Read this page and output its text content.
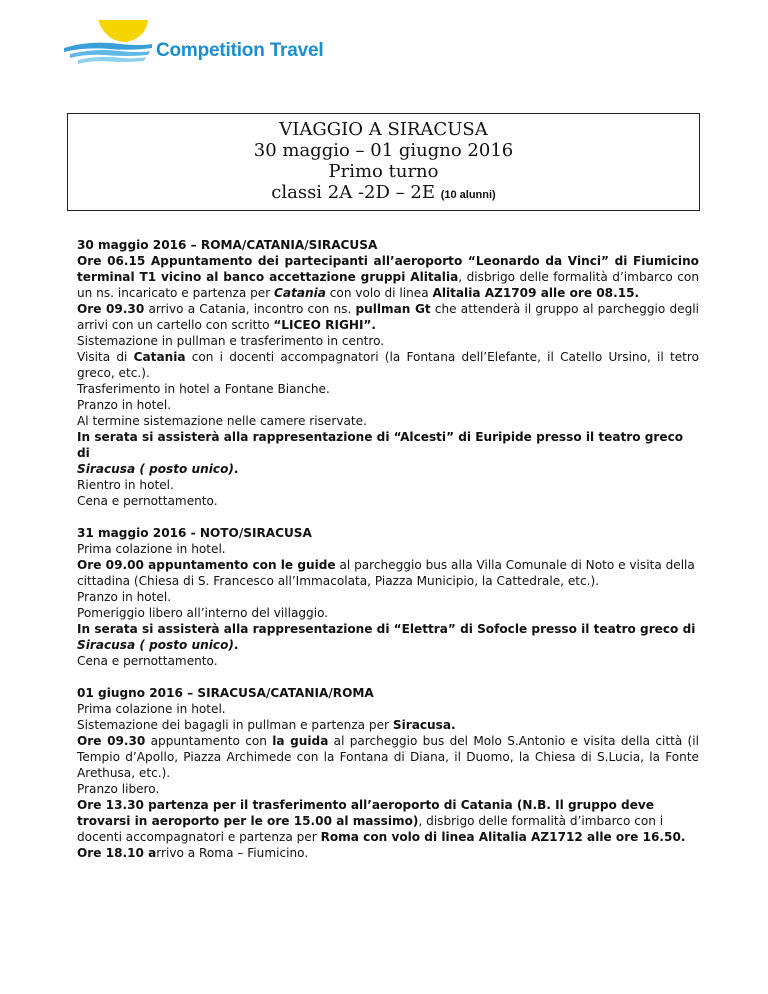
Competition Travel
VIAGGIO A SIRACUSA
30 maggio – 01 giugno 2016
Primo turno
classi 2A -2D – 2E (10 alunni)

30 maggio 2016 – ROMA/CATANIA/SIRACUSA

Ore 06.15 Appuntamento dei partecipanti all’aeroporto “Leonardo da Vinci” di Fiumicino terminal T1 vicino al banco accettazione gruppi Alitalia, disbrigo delle formalità d’imbarco con un ns. incaricato e partenza per Catania con volo di linea Alitalia AZ1709 alle ore 08.15.

Ore 09.30 arrivo a Catania, incontro con ns. pullman Gt che attenderà il gruppo al parcheggio degli arrivi con un cartello con scritto “LICEO RIGHI”.

Sistemazione in pullman e trasferimento in centro.

Visita di Catania con i docenti accompagnatori (la Fontana dell’Elefante, il Catello Ursino, il tetro greco, etc.).

Trasferimento in hotel a Fontane Bianche.

Pranzo in hotel.

Al termine sistemazione nelle camere riservate.

In serata si assisterà alla rappresentazione di “Alcesti” di Euripide presso il teatro greco di
Siracusa ( posto unico).

Rientro in hotel.

Cena e pernottamento.

31 maggio 2016 - NOTO/SIRACUSA

Prima colazione in hotel.

Ore 09.00 appuntamento con le guide al parcheggio bus alla Villa Comunale di Noto e visita della cittadina (Chiesa di S. Francesco all’Immacolata, Piazza Municipio, la Cattedrale, etc.).

Pranzo in hotel.

Pomeriggio libero all’interno del villaggio.

In serata si assisterà alla rappresentazione di “Elettra” di Sofocle presso il teatro greco di
Siracusa ( posto unico).

Cena e pernottamento.

01 giugno 2016 – SIRACUSA/CATANIA/ROMA

Prima colazione in hotel.

Sistemazione dei bagagli in pullman e partenza per Siracusa.

Ore 09.30 appuntamento con la guida al parcheggio bus del Molo S.Antonio e visita della città (il Tempio d’Apollo, Piazza Archimede con la Fontana di Diana, il Duomo, la Chiesa di S.Lucia, la Fonte Arethusa, etc.).

Pranzo libero.

Ore 13.30 partenza per il trasferimento all’aeroporto di Catania (N.B. Il gruppo deve trovarsi in aeroporto per le ore 15.00 al massimo), disbrigo delle formalità d’imbarco con i docenti accompagnatori e partenza per Roma con volo di linea Alitalia AZ1712 alle ore 16.50.

Ore 18.10 arrivo a Roma – Fiumicino.
